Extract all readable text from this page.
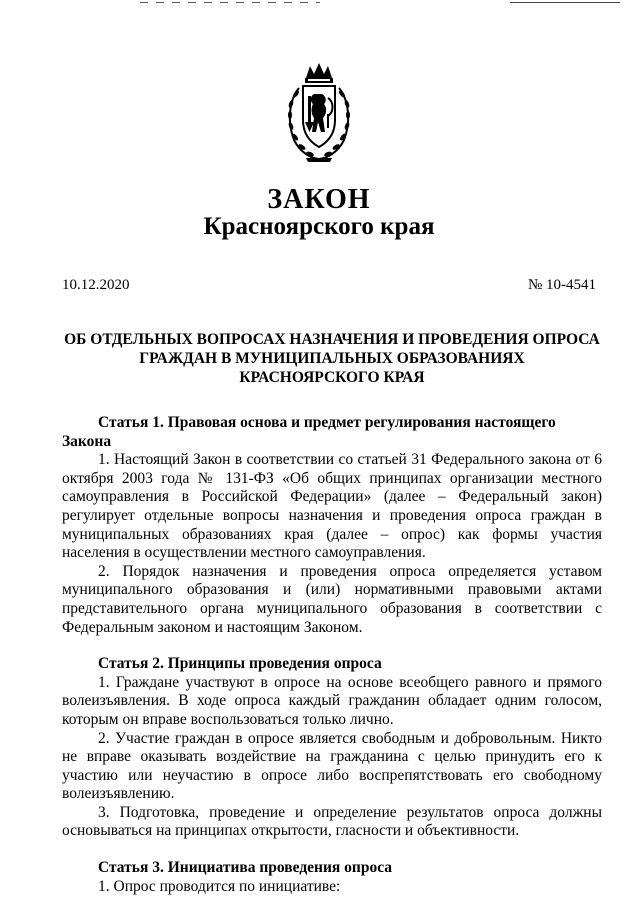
ЗАКОН
Красноярского края
10.12.2020	№ 10-4541
ОБ ОТДЕЛЬНЫХ ВОПРОСАХ НАЗНАЧЕНИЯ И ПРОВЕДЕНИЯ ОПРОСА
ГРАЖДАН В МУНИЦИПАЛЬНЫХ ОБРАЗОВАНИЯХ
КРАСНОЯРСКОГО КРАЯ

Статья 1. Правовая основа и предмет регулирования настоящего Закона

1. Настоящий Закон в соответствии со статьей 31 Федерального закона от 6 октября 2003 года № 131-ФЗ «Об общих принципах организации местного самоуправления в Российской Федерации» (далее – Федеральный закон) регулирует отдельные вопросы назначения и проведения опроса граждан в муниципальных образованиях края (далее – опрос) как формы участия населения в осуществлении местного самоуправления.

2. Порядок назначения и проведения опроса определяется уставом муниципального образования и (или) нормативными правовыми актами представительного органа муниципального образования в соответствии с Федеральным законом и настоящим Законом.

Статья 2. Принципы проведения опроса

1. Граждане участвуют в опросе на основе всеобщего равного и прямого волеизъявления. В ходе опроса каждый гражданин обладает одним голосом, которым он вправе воспользоваться только лично.

2. Участие граждан в опросе является свободным и добровольным. Никто не вправе оказывать воздействие на гражданина с целью принудить его к участию или неучастию в опросе либо воспрепятствовать его свободному волеизъявлению.

3. Подготовка, проведение и определение результатов опроса должны основываться на принципах открытости, гласности и объективности.

Статья 3. Инициатива проведения опроса

1. Опрос проводится по инициативе:
